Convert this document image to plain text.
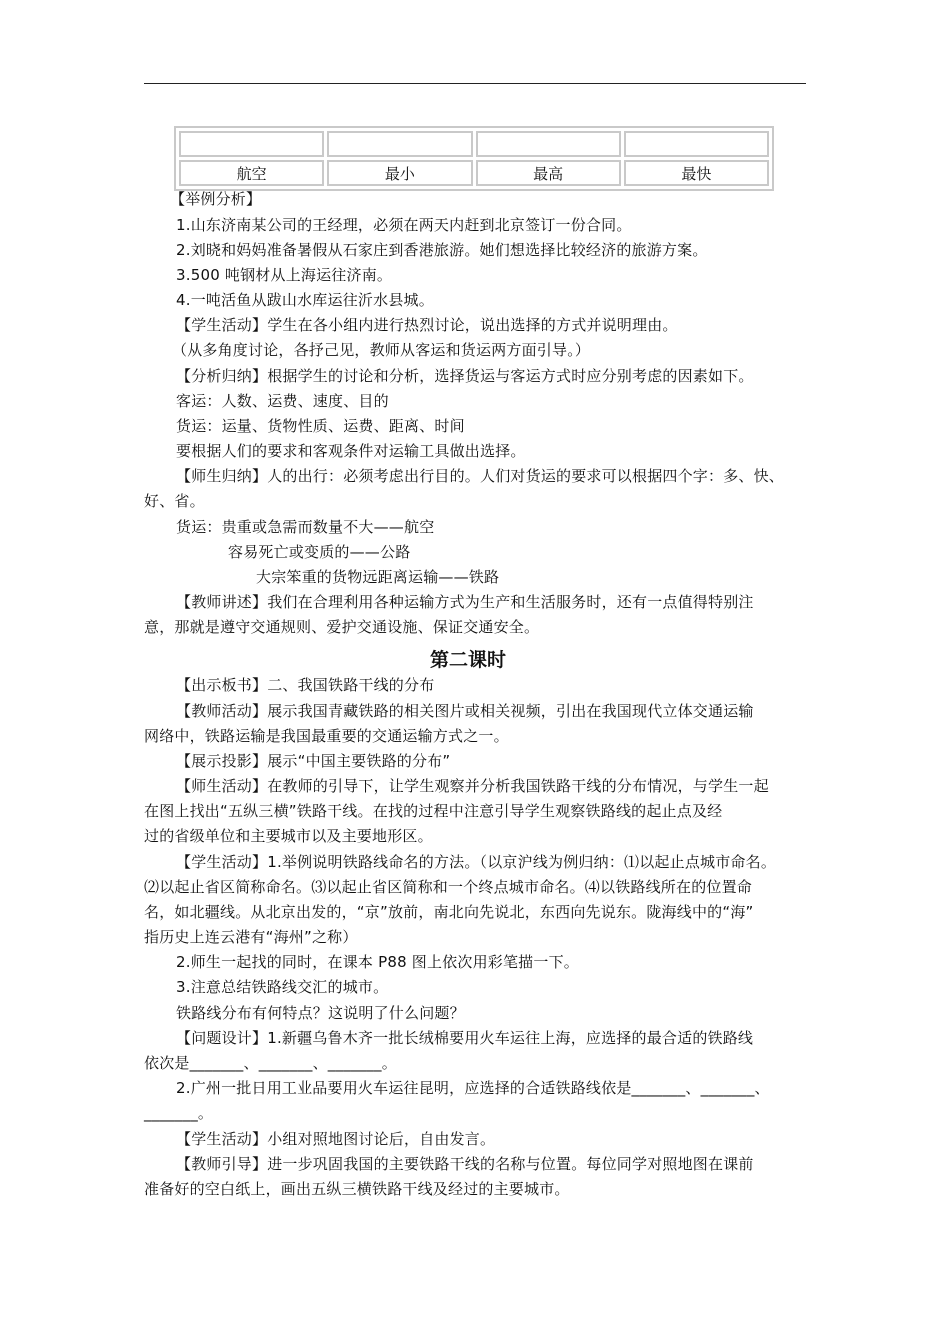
航空	最小	最高	最快
【举例分析】
1.山东济南某公司的王经理，必须在两天内赶到北京签订一份合同。
2.刘晓和妈妈准备暑假从石家庄到香港旅游。她们想选择比较经济的旅游方案。
3.500 吨钢材从上海运往济南。
4.一吨活鱼从跋山水库运往沂水县城。
【学生活动】学生在各小组内进行热烈讨论，说出选择的方式并说明理由。
（从多角度讨论，各抒己见，教师从客运和货运两方面引导。）
【分析归纳】根据学生的讨论和分析，选择货运与客运方式时应分别考虑的因素如下。
客运：人数、运费、速度、目的
货运：运量、货物性质、运费、距离、时间
要根据人们的要求和客观条件对运输工具做出选择。
【师生归纳】人的出行：必须考虑出行目的。人们对货运的要求可以根据四个字：多、快、
好、省。
货运：贵重或急需而数量不大——航空
容易死亡或变质的——公路
大宗笨重的货物远距离运输——铁路
【教师讲述】我们在合理利用各种运输方式为生产和生活服务时，还有一点值得特别注
意，那就是遵守交通规则、爱护交通设施、保证交通安全。
第二课时
【出示板书】二、我国铁路干线的分布
【教师活动】展示我国青藏铁路的相关图片或相关视频，引出在我国现代立体交通运输
网络中，铁路运输是我国最重要的交通运输方式之一。
【展示投影】展示“中国主要铁路的分布”
【师生活动】在教师的引导下，让学生观察并分析我国铁路干线的分布情况，与学生一起
在图上找出“五纵三横”铁路干线。在找的过程中注意引导学生观察铁路线的起止点及经
过的省级单位和主要城市以及主要地形区。
【学生活动】1.举例说明铁路线命名的方法。（以京沪线为例归纳：⑴以起止点城市命名。
⑵以起止省区简称命名。⑶以起止省区简称和一个终点城市命名。⑷以铁路线所在的位置命
名，如北疆线。从北京出发的，“京”放前，南北向先说北，东西向先说东。陇海线中的“海”
指历史上连云港有“海州”之称）
2.师生一起找的同时，在课本 P88 图上依次用彩笔描一下。
3.注意总结铁路线交汇的城市。
铁路线分布有何特点？这说明了什么问题？
【问题设计】1.新疆乌鲁木齐一批长绒棉要用火车运往上海，应选择的最合适的铁路线
依次是_______、_______、_______。
2.广州一批日用工业品要用火车运往昆明，应选择的合适铁路线依是_______、_______、
_______。
【学生活动】小组对照地图讨论后，自由发言。
【教师引导】进一步巩固我国的主要铁路干线的名称与位置。每位同学对照地图在课前
准备好的空白纸上，画出五纵三横铁路干线及经过的主要城市。
